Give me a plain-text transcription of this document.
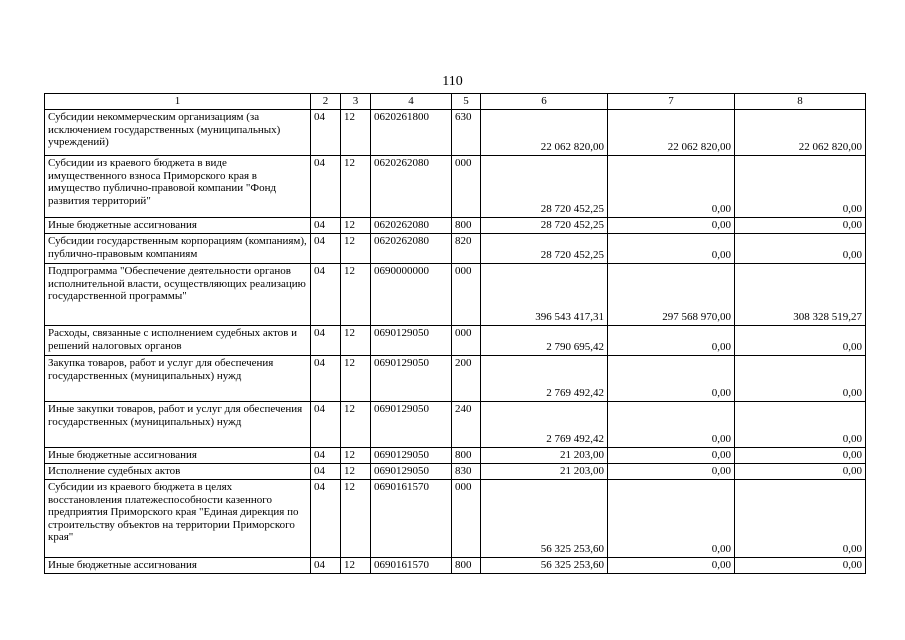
110
1	2	3	4	5	6	7	8
Субсидии некоммерческим организациям (за исключением государственных (муниципальных) учреждений)	04	12	0620261800	630	22 062 820,00	22 062 820,00	22 062 820,00
Субсидии из краевого бюджета в виде имущественного взноса Приморского края в имущество публично-правовой компании "Фонд развития территорий"	04	12	0620262080	000	28 720 452,25	0,00	0,00
Иные бюджетные ассигнования	04	12	0620262080	800	28 720 452,25	0,00	0,00
Субсидии государственным корпорациям (компаниям), публично-правовым компаниям	04	12	0620262080	820	28 720 452,25	0,00	0,00
Подпрограмма "Обеспечение деятельности органов исполнительной власти, осуществляющих реализацию государственной программы"	04	12	0690000000	000	396 543 417,31	297 568 970,00	308 328 519,27
Расходы, связанные с исполнением судебных актов и решений налоговых органов	04	12	0690129050	000	2 790 695,42	0,00	0,00
Закупка товаров, работ и услуг для обеспечения государственных (муниципальных) нужд	04	12	0690129050	200	2 769 492,42	0,00	0,00
Иные закупки товаров, работ и услуг для обеспечения государственных (муниципальных) нужд	04	12	0690129050	240	2 769 492,42	0,00	0,00
Иные бюджетные ассигнования	04	12	0690129050	800	21 203,00	0,00	0,00
Исполнение судебных актов	04	12	0690129050	830	21 203,00	0,00	0,00
Субсидии из краевого бюджета в целях восстановления платежеспособности казенного предприятия Приморского края "Единая дирекция по строительству объектов на территории Приморского края"	04	12	0690161570	000	56 325 253,60	0,00	0,00
Иные бюджетные ассигнования	04	12	0690161570	800	56 325 253,60	0,00	0,00
